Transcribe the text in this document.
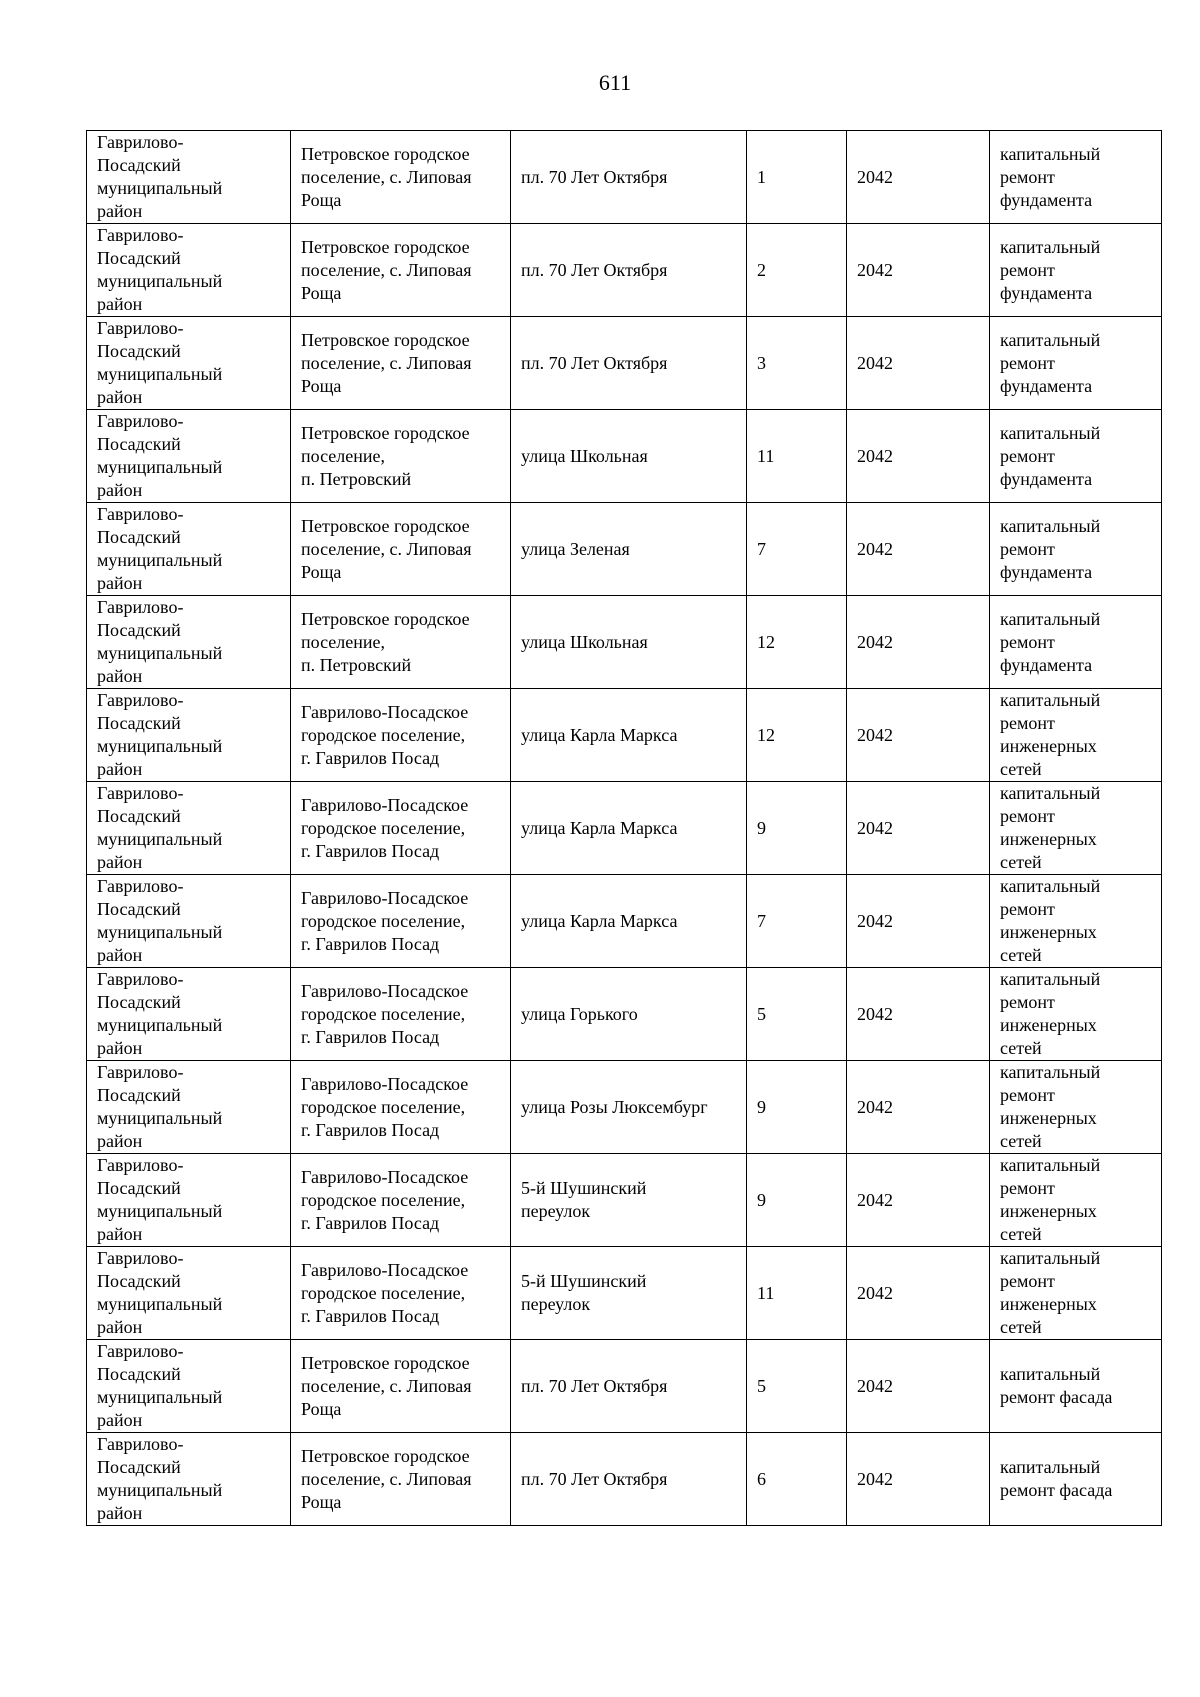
611
Гаврилово-
Посадский
муниципальный
район	Петровское городское
поселение, с. Липовая
Роща	пл. 70 Лет Октября	1	2042	капитальный
ремонт
фундамента
Гаврилово-
Посадский
муниципальный
район	Петровское городское
поселение, с. Липовая
Роща	пл. 70 Лет Октября	2	2042	капитальный
ремонт
фундамента
Гаврилово-
Посадский
муниципальный
район	Петровское городское
поселение, с. Липовая
Роща	пл. 70 Лет Октября	3	2042	капитальный
ремонт
фундамента
Гаврилово-
Посадский
муниципальный
район	Петровское городское
поселение,
п. Петровский	улица Школьная	11	2042	капитальный
ремонт
фундамента
Гаврилово-
Посадский
муниципальный
район	Петровское городское
поселение, с. Липовая
Роща	улица Зеленая	7	2042	капитальный
ремонт
фундамента
Гаврилово-
Посадский
муниципальный
район	Петровское городское
поселение,
п. Петровский	улица Школьная	12	2042	капитальный
ремонт
фундамента
Гаврилово-
Посадский
муниципальный
район	Гаврилово-Посадское
городское поселение,
г. Гаврилов Посад	улица Карла Маркса	12	2042	капитальный
ремонт
инженерных
сетей
Гаврилово-
Посадский
муниципальный
район	Гаврилово-Посадское
городское поселение,
г. Гаврилов Посад	улица Карла Маркса	9	2042	капитальный
ремонт
инженерных
сетей
Гаврилово-
Посадский
муниципальный
район	Гаврилово-Посадское
городское поселение,
г. Гаврилов Посад	улица Карла Маркса	7	2042	капитальный
ремонт
инженерных
сетей
Гаврилово-
Посадский
муниципальный
район	Гаврилово-Посадское
городское поселение,
г. Гаврилов Посад	улица Горького	5	2042	капитальный
ремонт
инженерных
сетей
Гаврилово-
Посадский
муниципальный
район	Гаврилово-Посадское
городское поселение,
г. Гаврилов Посад	улица Розы Люксембург	9	2042	капитальный
ремонт
инженерных
сетей
Гаврилово-
Посадский
муниципальный
район	Гаврилово-Посадское
городское поселение,
г. Гаврилов Посад	5-й Шушинский
переулок	9	2042	капитальный
ремонт
инженерных
сетей
Гаврилово-
Посадский
муниципальный
район	Гаврилово-Посадское
городское поселение,
г. Гаврилов Посад	5-й Шушинский
переулок	11	2042	капитальный
ремонт
инженерных
сетей
Гаврилово-
Посадский
муниципальный
район	Петровское городское
поселение, с. Липовая
Роща	пл. 70 Лет Октября	5	2042	капитальный
ремонт фасада
Гаврилово-
Посадский
муниципальный
район	Петровское городское
поселение, с. Липовая
Роща	пл. 70 Лет Октября	6	2042	капитальный
ремонт фасада
